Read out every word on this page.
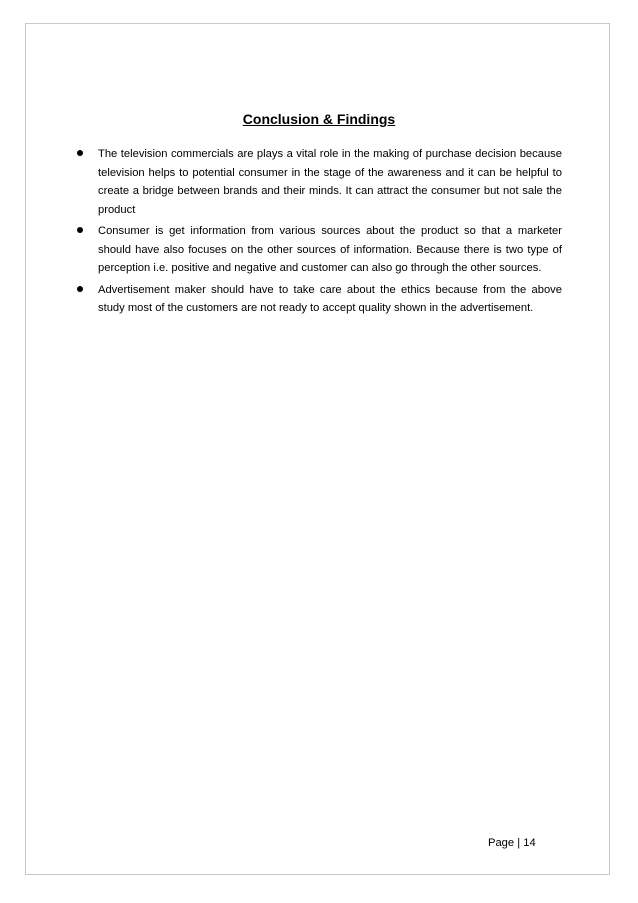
Conclusion & Findings
The television commercials are plays a vital role in the making of purchase decision because television helps to potential consumer in the stage of the awareness and it can be helpful to create a bridge between brands and their minds. It can attract the consumer but not sale the product
Consumer is get information from various sources about the product so that a marketer should have also focuses on the other sources of information. Because there is two type of perception i.e. positive and negative and customer can also go through the other sources.
Advertisement maker should have to take care about the ethics because from the above study most of the customers are not ready to accept quality shown in the advertisement.
Page | 14
